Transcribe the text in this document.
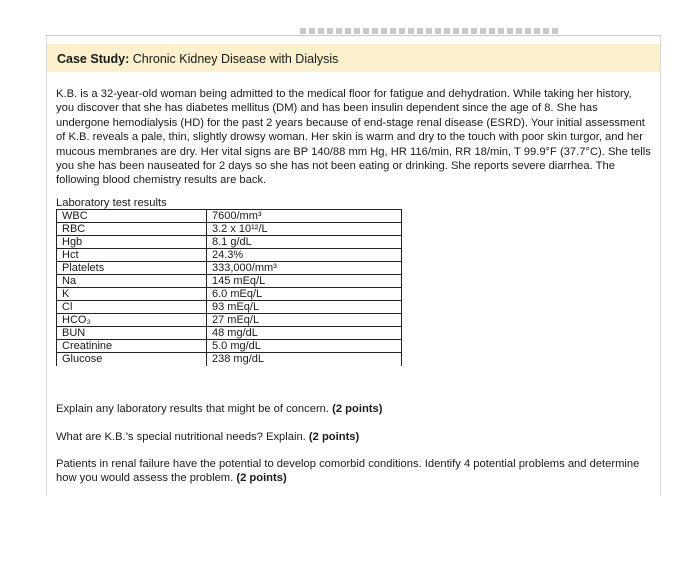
Case Study: Chronic Kidney Disease with Dialysis

K.B. is a 32-year-old woman being admitted to the medical floor for fatigue and dehydration. While taking her history, you discover that she has diabetes mellitus (DM) and has been insulin dependent since the age of 8. She has undergone hemodialysis (HD) for the past 2 years because of end-stage renal disease (ESRD). Your initial assessment of K.B. reveals a pale, thin, slightly drowsy woman. Her skin is warm and dry to the touch with poor skin turgor, and her mucous membranes are dry. Her vital signs are BP 140/88 mm Hg, HR 116/min, RR 18/min, T 99.9°F (37.7°C). She tells you she has been nauseated for 2 days so she has not been eating or drinking. She reports severe diarrhea. The following blood chemistry results are back.

Laboratory test results
WBC	7600/mm³
RBC	3.2 x 10¹²/L
Hgb	8.1 g/dL
Hct	24.3%
Platelets	333,000/mm³
Na	145 mEq/L
K	6.0 mEq/L
Cl	93 mEq/L
HCO₃	27 mEq/L
BUN	48 mg/dL
Creatinine	5.0 mg/dL
Glucose	238 mg/dL

Explain any laboratory results that might be of concern. (2 points)

What are K.B.’s special nutritional needs? Explain. (2 points)

Patients in renal failure have the potential to develop comorbid conditions. Identify 4 potential problems and determine how you would assess the problem. (2 points)
